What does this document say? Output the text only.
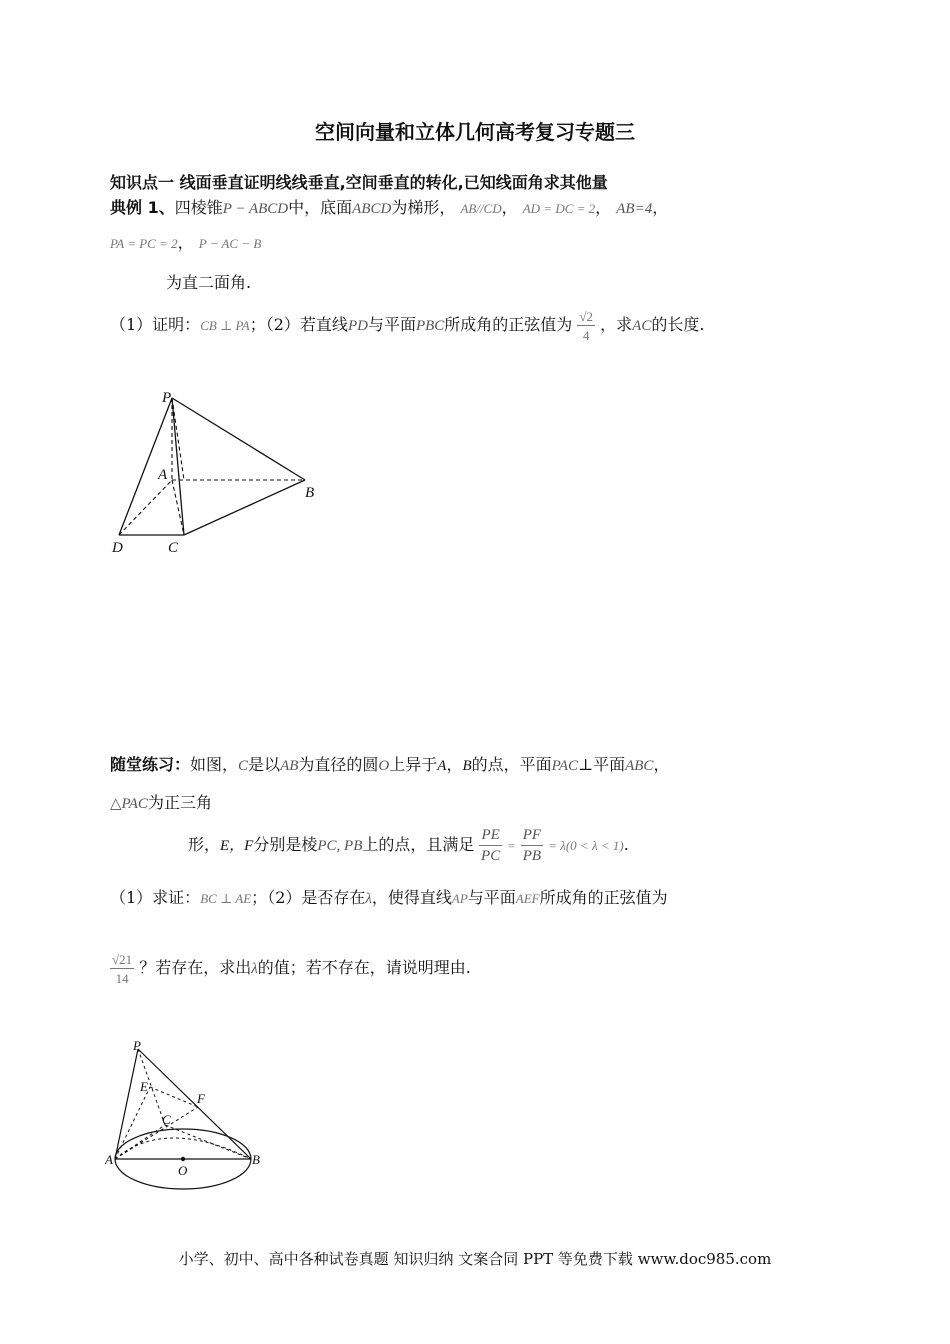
空间向量和立体几何高考复习专题三
知识点一 线面垂直证明线线垂直,空间垂直的转化,已知线面角求其他量
典例 1、四棱锥P − ABCD中，底面ABCD为梯形， AB//CD， AD = DC = 2， AB=4，
PA = PC = 2， P − AC − B
为直二面角.
（1）证明：CB ⊥ PA；（2）若直线PD与平面PBC所成角的正弦值为 $\frac{√2}{4}$ ，求AC的长度.
P
A
B
C
D
随堂练习：如图，C是以AB为直径的圆O上异于A，B的点，平面PAC⊥平面ABC，
△PAC为正三角
形，E，F分别是棱PC, PB上的点，且满足 $\frac{PE}{PC} = \frac{PF}{PB} = \lambda(0 < \lambda < 1)$.
（1）求证：BC ⊥ AE；（2）是否存在λ，使得直线AP与平面AEF所成角的正弦值为
$\frac{√21}{14}$ ？若存在，求出λ的值；若不存在，请说明理由.
P
E
F
C
A
O
B
小学、初中、高中各种试卷真题 知识归纳 文案合同 PPT 等免费下载 www.doc985.com
